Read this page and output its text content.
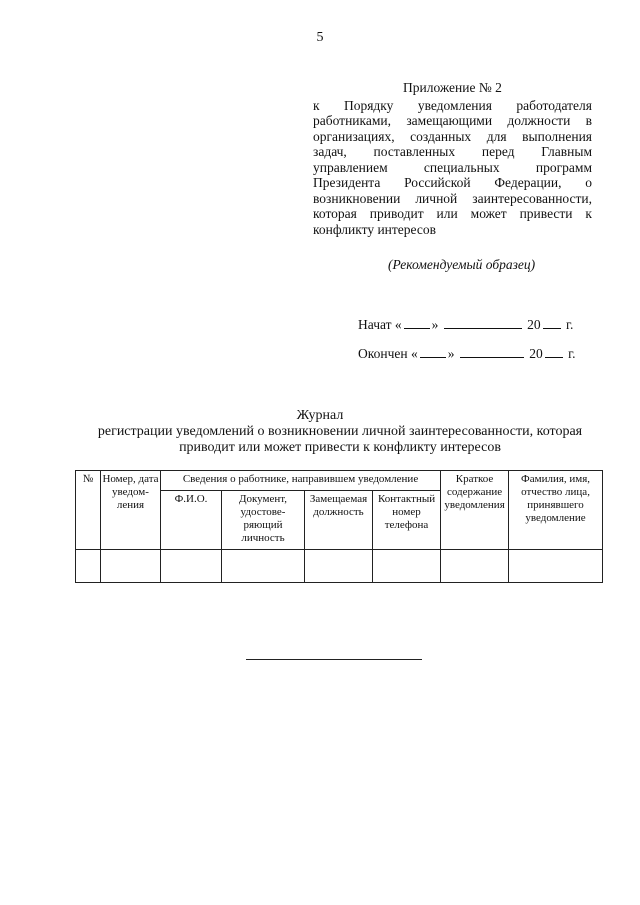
5
Приложение № 2
к Порядку уведомления работодателя работниками, замещающими должности в организациях, созданных для выполнения задач, поставленных перед Главным управлением специальных программ Президента Российской Федерации, о возникновении личной заинтересованности, которая приводит или может привести к конфликту интересов
(Рекомендуемый образец)
Начат « »	20 г.
Окончен « »	20 г.
Журнал
регистрации уведомлений о возникновении личной заинтересованности, которая приводит или может привести к конфликту интересов
№	Номер, дата уведом-ления	Сведения о работнике, направившем уведомление				Краткое содержание уведомления	Фамилия, имя, отчество лица, принявшего уведомление
		Ф.И.О.	Документ, удостове-ряющий личность	Замещаемая должность	Контактный номер телефона		
